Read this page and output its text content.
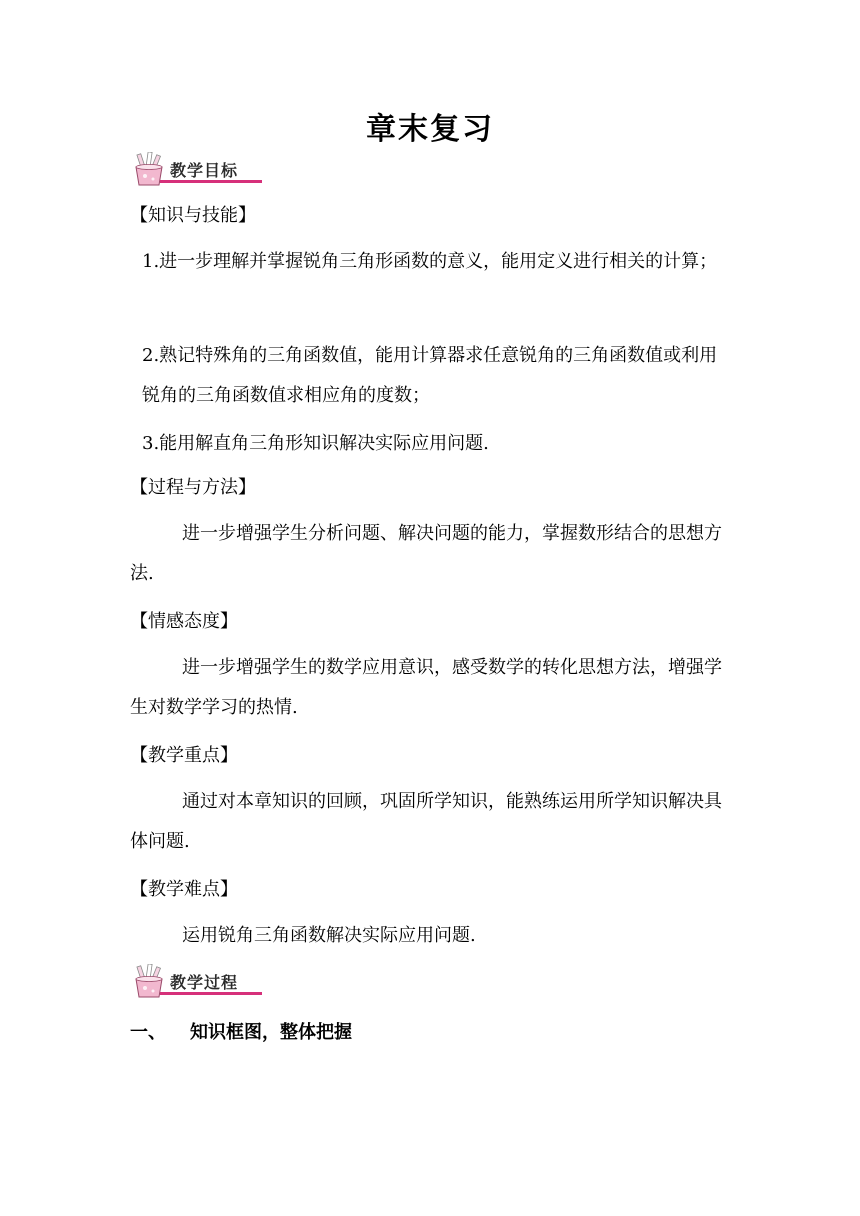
章末复习
教学目标
【知识与技能】
1.进一步理解并掌握锐角三角形函数的意义，能用定义进行相关的计算；
2.熟记特殊角的三角函数值，能用计算器求任意锐角的三角函数值或利用锐角的三角函数值求相应角的度数；
3.能用解直角三角形知识解决实际应用问题.
【过程与方法】
进一步增强学生分析问题、解决问题的能力，掌握数形结合的思想方法.
【情感态度】
进一步增强学生的数学应用意识，感受数学的转化思想方法，增强学生对数学学习的热情.
【教学重点】
通过对本章知识的回顾，巩固所学知识，能熟练运用所学知识解决具体问题.
【教学难点】
运用锐角三角函数解决实际应用问题.
教学过程
一、 知识框图，整体把握
